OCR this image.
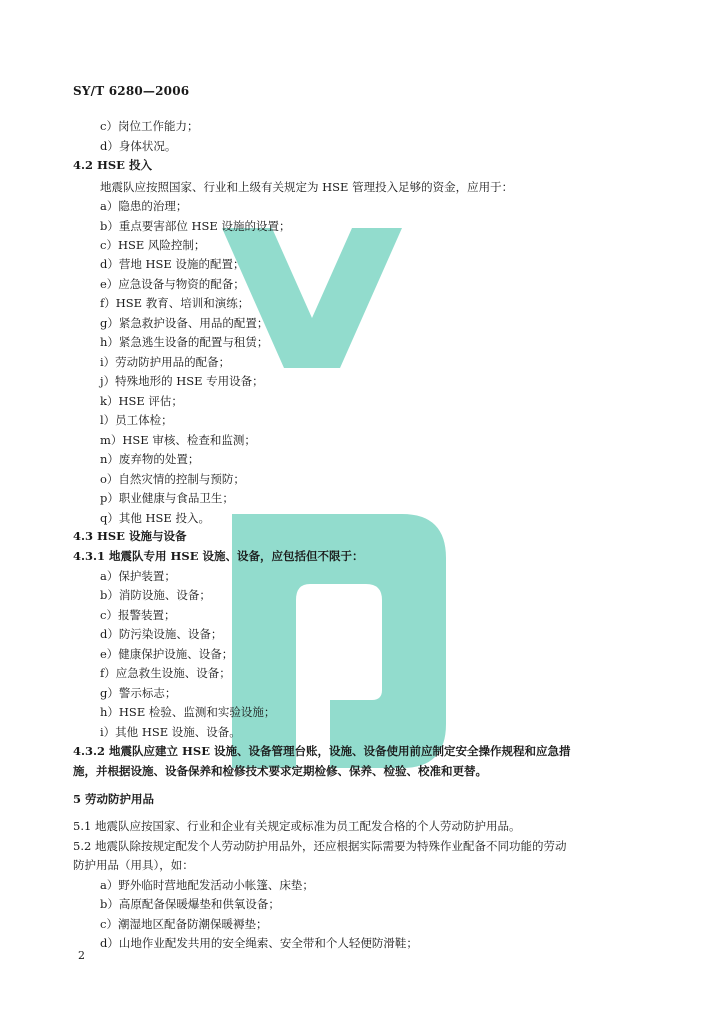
SY/T 6280—2006
c）岗位工作能力；
d）身体状况。
4.2 HSE 投入
地震队应按照国家、行业和上级有关规定为 HSE 管理投入足够的资金，应用于：
a）隐患的治理；
b）重点要害部位 HSE 设施的设置；
c）HSE 风险控制；
d）营地 HSE 设施的配置；
e）应急设备与物资的配备；
f）HSE 教育、培训和演练；
g）紧急救护设备、用品的配置；
h）紧急逃生设备的配置与租赁；
i）劳动防护用品的配备；
j）特殊地形的 HSE 专用设备；
k）HSE 评估；
l）员工体检；
m）HSE 审核、检查和监测；
n）废弃物的处置；
o）自然灾情的控制与预防；
p）职业健康与食品卫生；
q）其他 HSE 投入。
4.3 HSE 设施与设备
4.3.1 地震队专用 HSE 设施、设备，应包括但不限于：
a）保护装置；
b）消防设施、设备；
c）报警装置；
d）防污染设施、设备；
e）健康保护设施、设备；
f）应急救生设施、设备；
g）警示标志；
h）HSE 检验、监测和实验设施；
i）其他 HSE 设施、设备。
4.3.2 地震队应建立 HSE 设施、设备管理台账，设施、设备使用前应制定安全操作规程和应急措
施，并根据设施、设备保养和检修技术要求定期检修、保养、检验、校准和更替。
5 劳动防护用品
5.1 地震队应按国家、行业和企业有关规定或标准为员工配发合格的个人劳动防护用品。
5.2 地震队除按规定配发个人劳动防护用品外，还应根据实际需要为特殊作业配备不同功能的劳动
防护用品（用具），如：
a）野外临时营地配发活动小帐篷、床垫；
b）高原配备保暖爆垫和供氧设备；
c）潮湿地区配备防潮保暖褥垫；
d）山地作业配发共用的安全绳索、安全带和个人轻便防滑鞋；
2
